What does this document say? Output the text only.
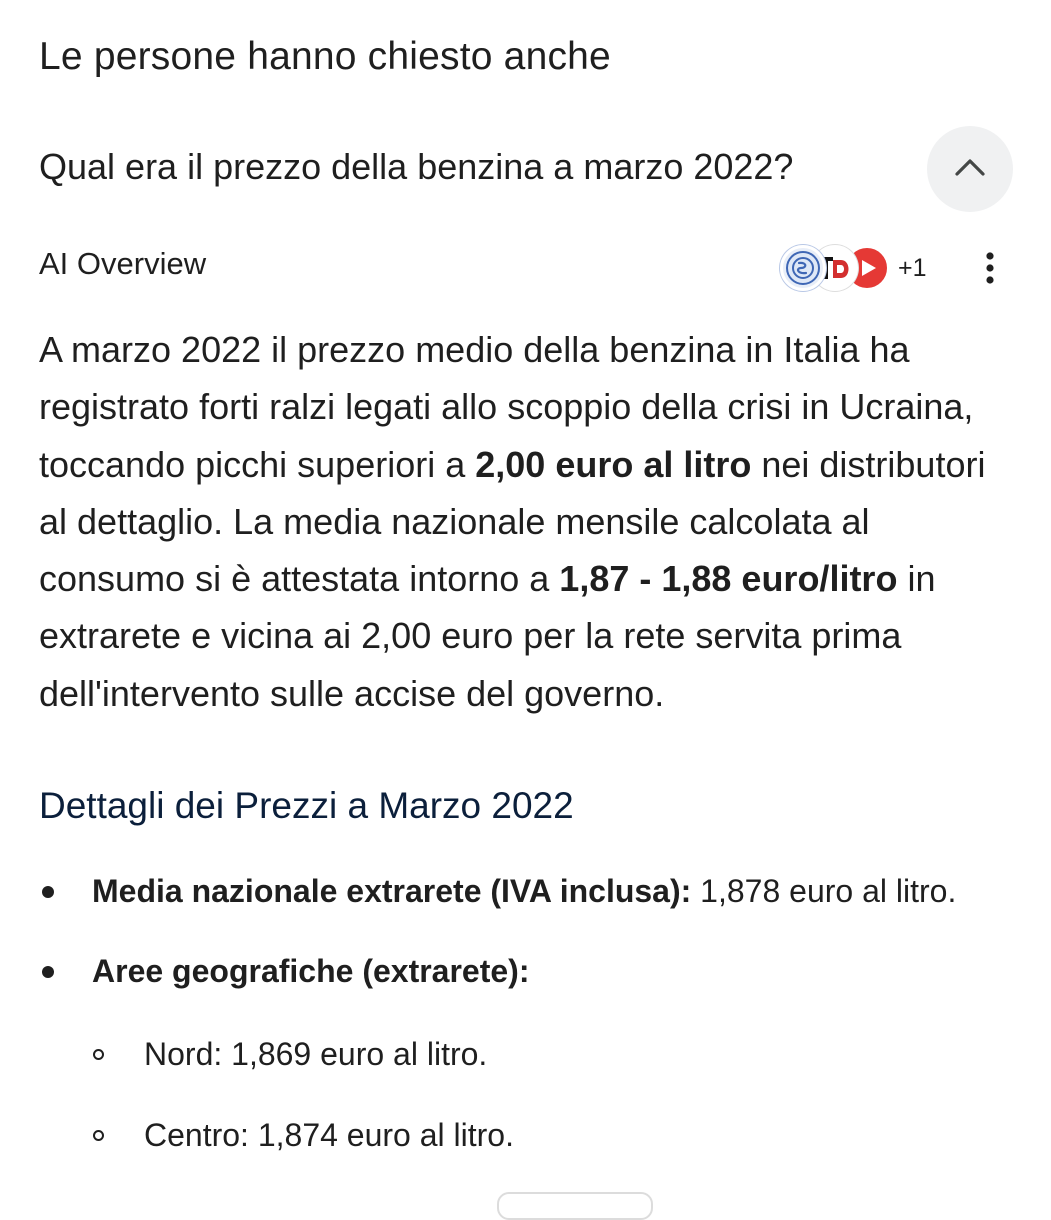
Le persone hanno chiesto anche
Qual era il prezzo della benzina a marzo 2022?
AI Overview	+1

A marzo 2022 il prezzo medio della benzina in Italia ha registrato forti ralzi legati allo scoppio della crisi in Ucraina, toccando picchi superiori a 2,00 euro al litro nei distributori al dettaglio. La media nazionale mensile calcolata al consumo si è attestata intorno a 1,87 - 1,88 euro/litro in extrarete e vicina ai 2,00 euro per la rete servita prima dell'intervento sulle accise del governo.

Dettagli dei Prezzi a Marzo 2022
Media nazionale extrarete (IVA inclusa): 1,878 euro al litro.
Aree geografiche (extrarete):
Nord: 1,869 euro al litro.
Centro: 1,874 euro al litro.
